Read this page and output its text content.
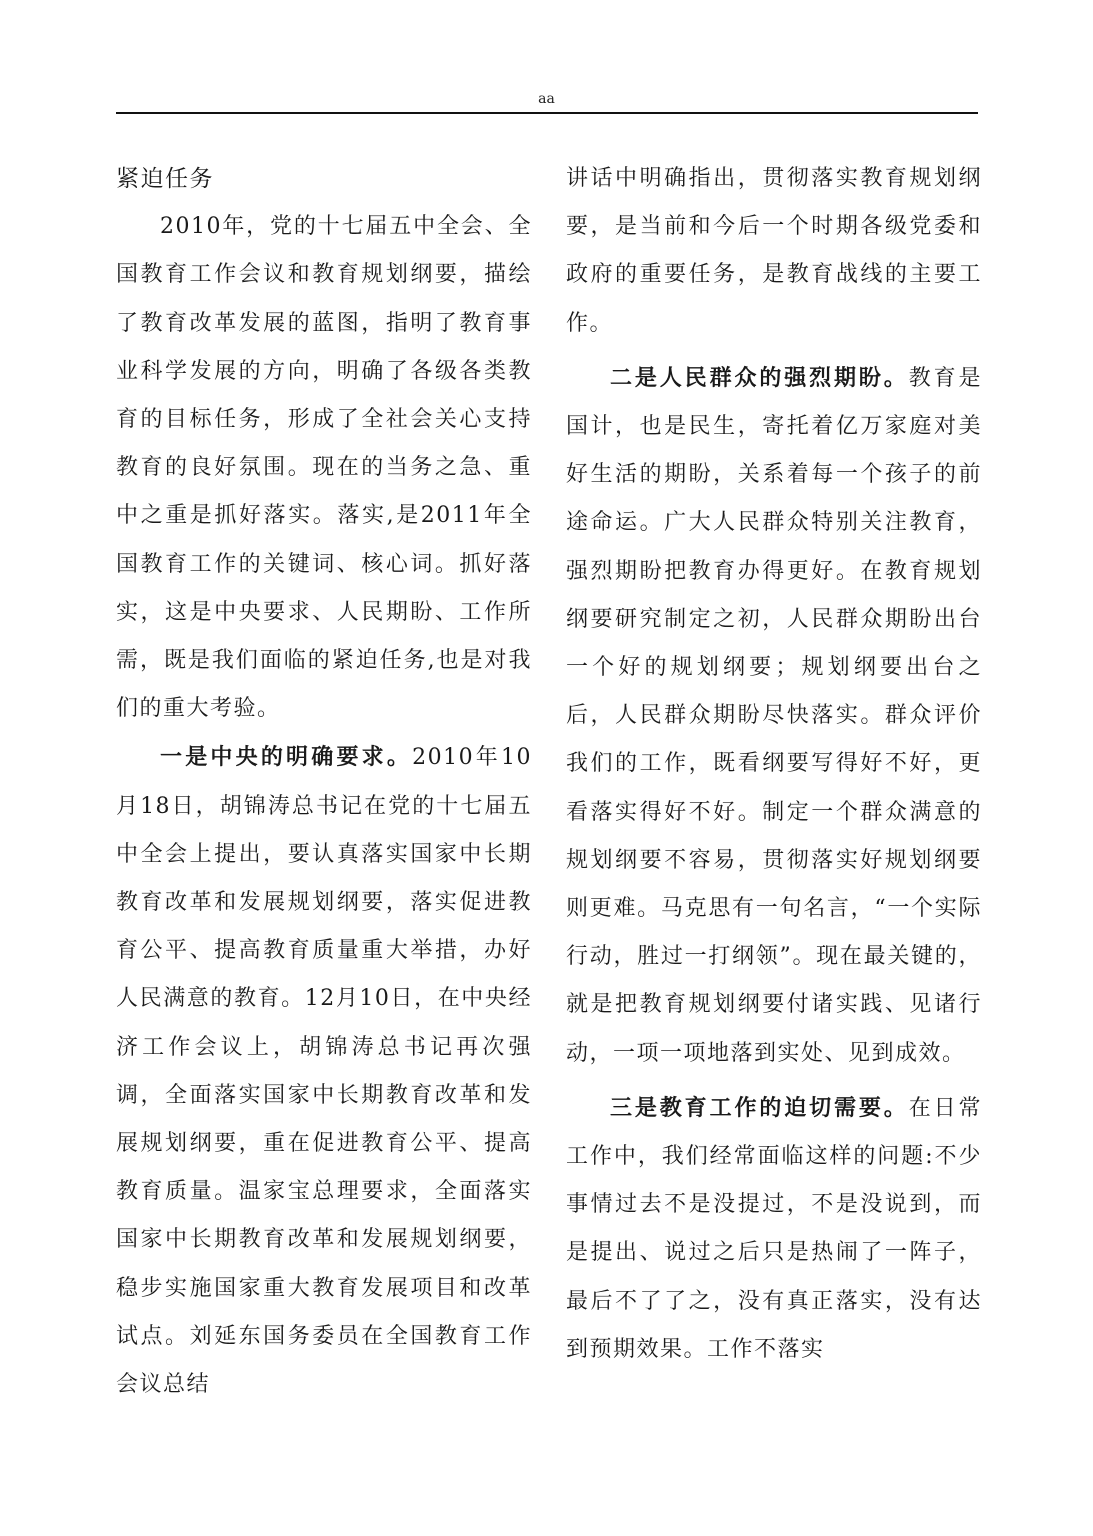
aa
紧迫任务

2010年，党的十七届五中全会、全国教育工作会议和教育规划纲要，描绘了教育改革发展的蓝图，指明了教育事业科学发展的方向，明确了各级各类教育的目标任务，形成了全社会关心支持教育的良好氛围。现在的当务之急、重中之重是抓好落实。落实,是2011年全国教育工作的关键词、核心词。抓好落实，这是中央要求、人民期盼、工作所需，既是我们面临的紧迫任务,也是对我们的重大考验。

一是中央的明确要求。2010年10月18日，胡锦涛总书记在党的十七届五中全会上提出，要认真落实国家中长期教育改革和发展规划纲要，落实促进教育公平、提高教育质量重大举措，办好人民满意的教育。12月10日，在中央经济工作会议上，胡锦涛总书记再次强调，全面落实国家中长期教育改革和发展规划纲要，重在促进教育公平、提高教育质量。温家宝总理要求，全面落实国家中长期教育改革和发展规划纲要，稳步实施国家重大教育发展项目和改革试点。刘延东国务委员在全国教育工作会议总结

讲话中明确指出，贯彻落实教育规划纲要，是当前和今后一个时期各级党委和政府的重要任务，是教育战线的主要工作。

二是人民群众的强烈期盼。教育是国计，也是民生，寄托着亿万家庭对美好生活的期盼，关系着每一个孩子的前途命运。广大人民群众特别关注教育，强烈期盼把教育办得更好。在教育规划纲要研究制定之初，人民群众期盼出台一个好的规划纲要；规划纲要出台之后，人民群众期盼尽快落实。群众评价我们的工作，既看纲要写得好不好，更看落实得好不好。制定一个群众满意的规划纲要不容易，贯彻落实好规划纲要则更难。马克思有一句名言，“一个实际行动，胜过一打纲领”。现在最关键的，就是把教育规划纲要付诸实践、见诸行动，一项一项地落到实处、见到成效。

三是教育工作的迫切需要。在日常工作中，我们经常面临这样的问题:不少事情过去不是没提过，不是没说到，而是提出、说过之后只是热闹了一阵子，最后不了了之，没有真正落实，没有达到预期效果。工作不落实
